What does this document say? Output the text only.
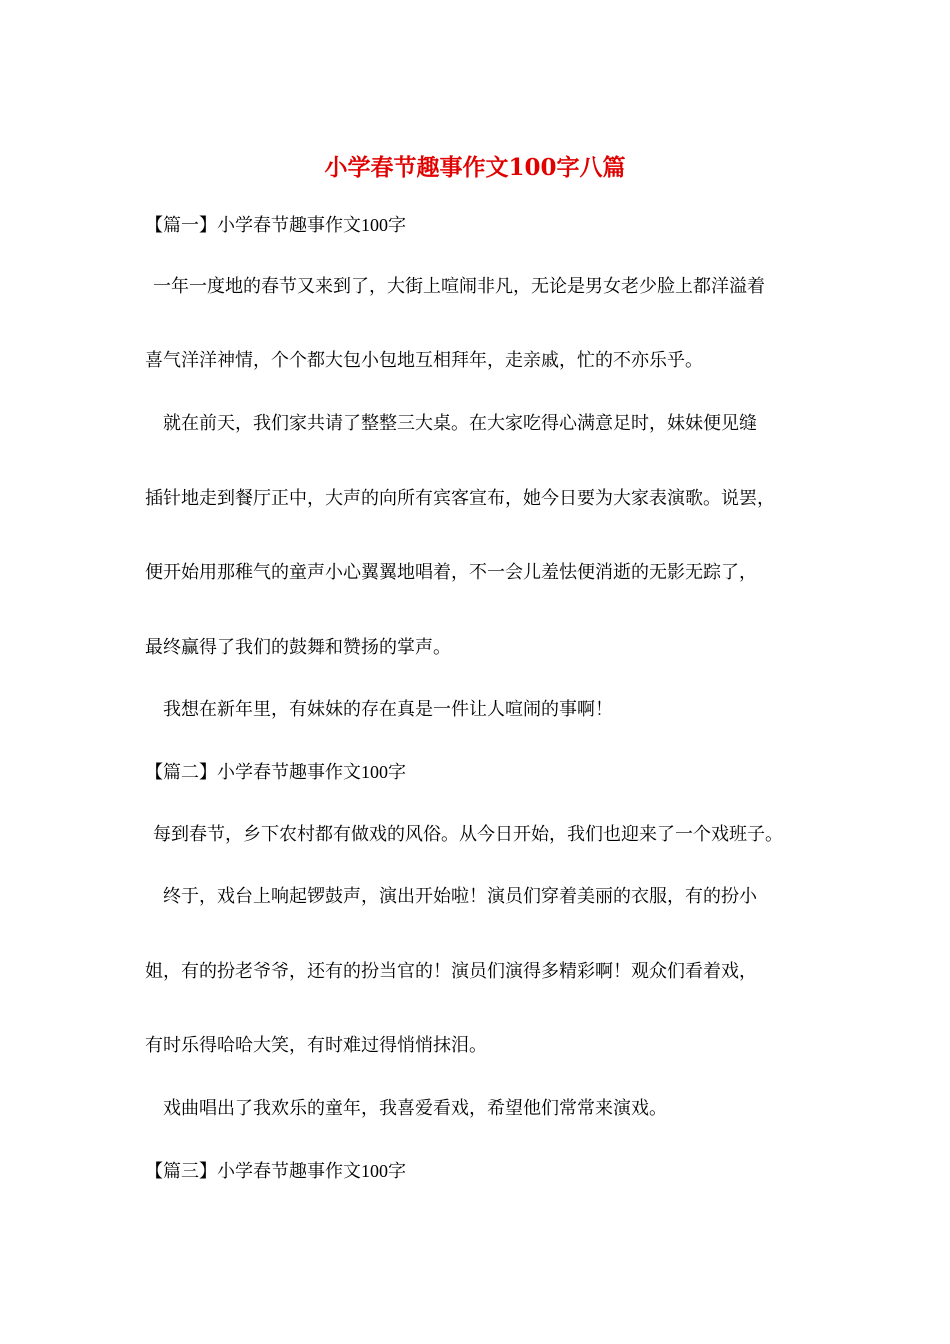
小学春节趣事作文100字八篇
【篇一】小学春节趣事作文100字
一年一度地的春节又来到了，大街上喧闹非凡，无论是男女老少脸上都洋溢着
喜气洋洋神情，个个都大包小包地互相拜年，走亲戚，忙的不亦乐乎。
就在前天，我们家共请了整整三大桌。在大家吃得心满意足时，妹妹便见缝
插针地走到餐厅正中，大声的向所有宾客宣布，她今日要为大家表演歌。说罢，
便开始用那稚气的童声小心翼翼地唱着，不一会儿羞怯便消逝的无影无踪了，
最终赢得了我们的鼓舞和赞扬的掌声。
我想在新年里，有妹妹的存在真是一件让人喧闹的事啊！
【篇二】小学春节趣事作文100字
每到春节，乡下农村都有做戏的风俗。从今日开始，我们也迎来了一个戏班子。
终于，戏台上响起锣鼓声，演出开始啦！演员们穿着美丽的衣服，有的扮小
姐，有的扮老爷爷，还有的扮当官的！演员们演得多精彩啊！观众们看着戏，
有时乐得哈哈大笑，有时难过得悄悄抹泪。
戏曲唱出了我欢乐的童年，我喜爱看戏，希望他们常常来演戏。
【篇三】小学春节趣事作文100字
